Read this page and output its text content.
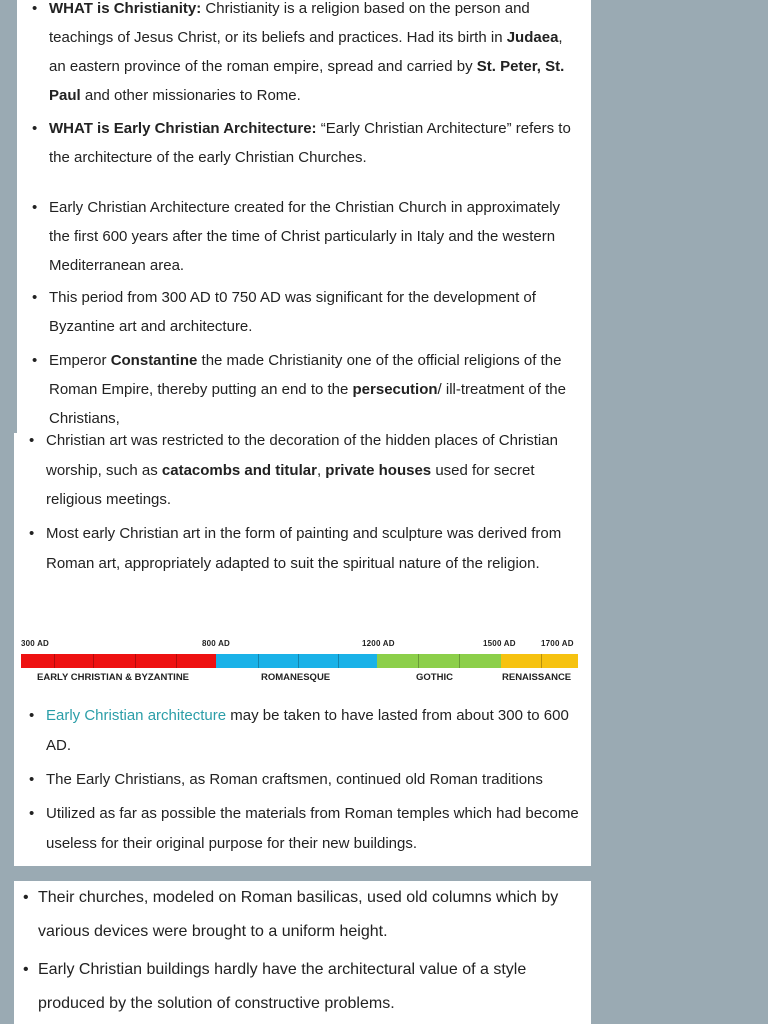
• WHAT is Christianity: Christianity is a religion based on the person and teachings of Jesus Christ, or its beliefs and practices. Had its birth in Judaea, an eastern province of the roman empire, spread and carried by St. Peter, St. Paul and other missionaries to Rome.
• WHAT is Early Christian Architecture: “Early Christian Architecture” refers to the architecture of the early Christian Churches.
• Early Christian Architecture created for the Christian Church in approximately the first 600 years after the time of Christ particularly in Italy and the western Mediterranean area.
• This period from 300 AD t0 750 AD was significant for the development of Byzantine art and architecture.
• Emperor Constantine the made Christianity one of the official religions of the Roman Empire, thereby putting an end to the persecution/ ill-treatment of the Christians,
• Christian art was restricted to the decoration of the hidden places of Christian worship, such as catacombs and titular, private houses used for secret religious meetings.
• Most early Christian art in the form of painting and sculpture was derived from Roman art, appropriately adapted to suit the spiritual nature of the religion.
300 AD	800 AD	1200 AD	1500 AD	1700 AD
EARLY CHRISTIAN & BYZANTINE	ROMANESQUE	GOTHIC	RENAISSANCE
• Early Christian architecture may be taken to have lasted from about 300 to 600 AD.
• The Early Christians, as Roman craftsmen, continued old Roman traditions
• Utilized as far as possible the materials from Roman temples which had become useless for their original purpose for their new buildings.
• Their churches, modeled on Roman basilicas, used old columns which by various devices were brought to a uniform height.
• Early Christian buildings hardly have the architectural value of a style produced by the solution of constructive problems.
